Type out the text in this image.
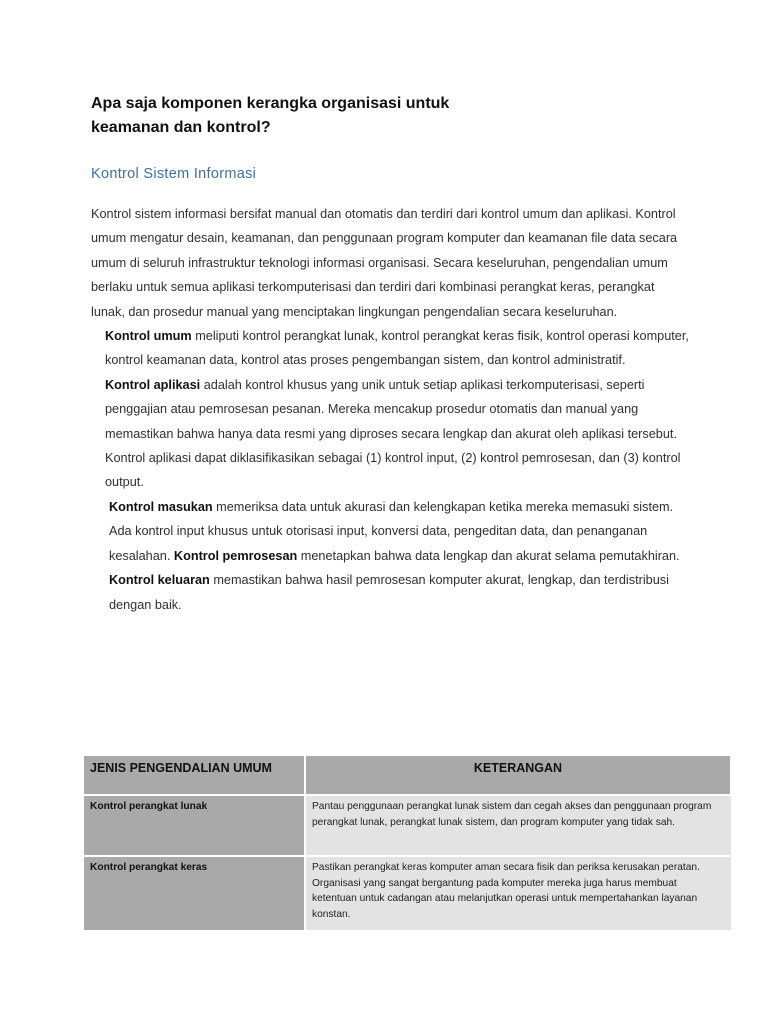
Apa saja komponen kerangka organisasi untuk keamanan dan kontrol?
Kontrol Sistem Informasi

Kontrol sistem informasi bersifat manual dan otomatis dan terdiri dari kontrol umum dan aplikasi. Kontrol umum mengatur desain, keamanan, dan penggunaan program komputer dan keamanan file data secara umum di seluruh infrastruktur teknologi informasi organisasi. Secara keseluruhan, pengendalian umum berlaku untuk semua aplikasi terkomputerisasi dan terdiri dari kombinasi perangkat keras, perangkat lunak, dan prosedur manual yang menciptakan lingkungan pengendalian secara keseluruhan.

Kontrol umum meliputi kontrol perangkat lunak, kontrol perangkat keras fisik, kontrol operasi komputer, kontrol keamanan data, kontrol atas proses pengembangan sistem, dan kontrol administratif.

Kontrol aplikasi adalah kontrol khusus yang unik untuk setiap aplikasi terkomputerisasi, seperti penggajian atau pemrosesan pesanan. Mereka mencakup prosedur otomatis dan manual yang memastikan bahwa hanya data resmi yang diproses secara lengkap dan akurat oleh aplikasi tersebut. Kontrol aplikasi dapat diklasifikasikan sebagai (1) kontrol input, (2) kontrol pemrosesan, dan (3) kontrol output.

Kontrol masukan memeriksa data untuk akurasi dan kelengkapan ketika mereka memasuki sistem. Ada kontrol input khusus untuk otorisasi input, konversi data, pengeditan data, dan penanganan kesalahan. Kontrol pemrosesan menetapkan bahwa data lengkap dan akurat selama pemutakhiran. Kontrol keluaran memastikan bahwa hasil pemrosesan komputer akurat, lengkap, dan terdistribusi dengan baik.

JENIS PENGENDALIAN UMUM	KETERANGAN
Kontrol perangkat lunak	Pantau penggunaan perangkat lunak sistem dan cegah akses dan penggunaan program perangkat lunak, perangkat lunak sistem, dan program komputer yang tidak sah.
Kontrol perangkat keras	Pastikan perangkat keras komputer aman secara fisik dan periksa kerusakan peratan. Organisasi yang sangat bergantung pada komputer mereka juga harus membuat ketentuan untuk cadangan atau melanjutkan operasi untuk mempertahankan layanan konstan.
